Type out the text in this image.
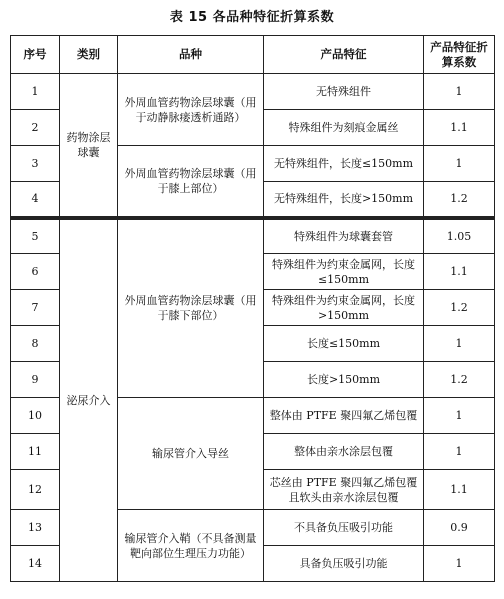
表 15 各品种特征折算系数
序号	类别	品种	产品特征	产品特征折算系数
1	药物涂层球囊	外周血管药物涂层球囊（用于动静脉瘘透析通路）	无特殊组件	1
2			特殊组件为刻痕金属丝	1.1
3		外周血管药物涂层球囊（用于膝上部位）	无特殊组件，长度≤150mm	1
4			无特殊组件，长度>150mm	1.2
5	泌尿介入	外周血管药物涂层球囊（用于膝下部位）	特殊组件为球囊套管	1.05
6			特殊组件为约束金属网，长度≤150mm	1.1
7			特殊组件为约束金属网，长度>150mm	1.2
8			长度≤150mm	1
9			长度>150mm	1.2
10		输尿管介入导丝	整体由 PTFE 聚四氟乙烯包覆	1
11			整体由亲水涂层包覆	1
12			芯丝由 PTFE 聚四氟乙烯包覆且软头由亲水涂层包覆	1.1
13		输尿管介入鞘（不具备测量靶向部位生理压力功能）	不具备负压吸引功能	0.9
14			具备负压吸引功能	1
